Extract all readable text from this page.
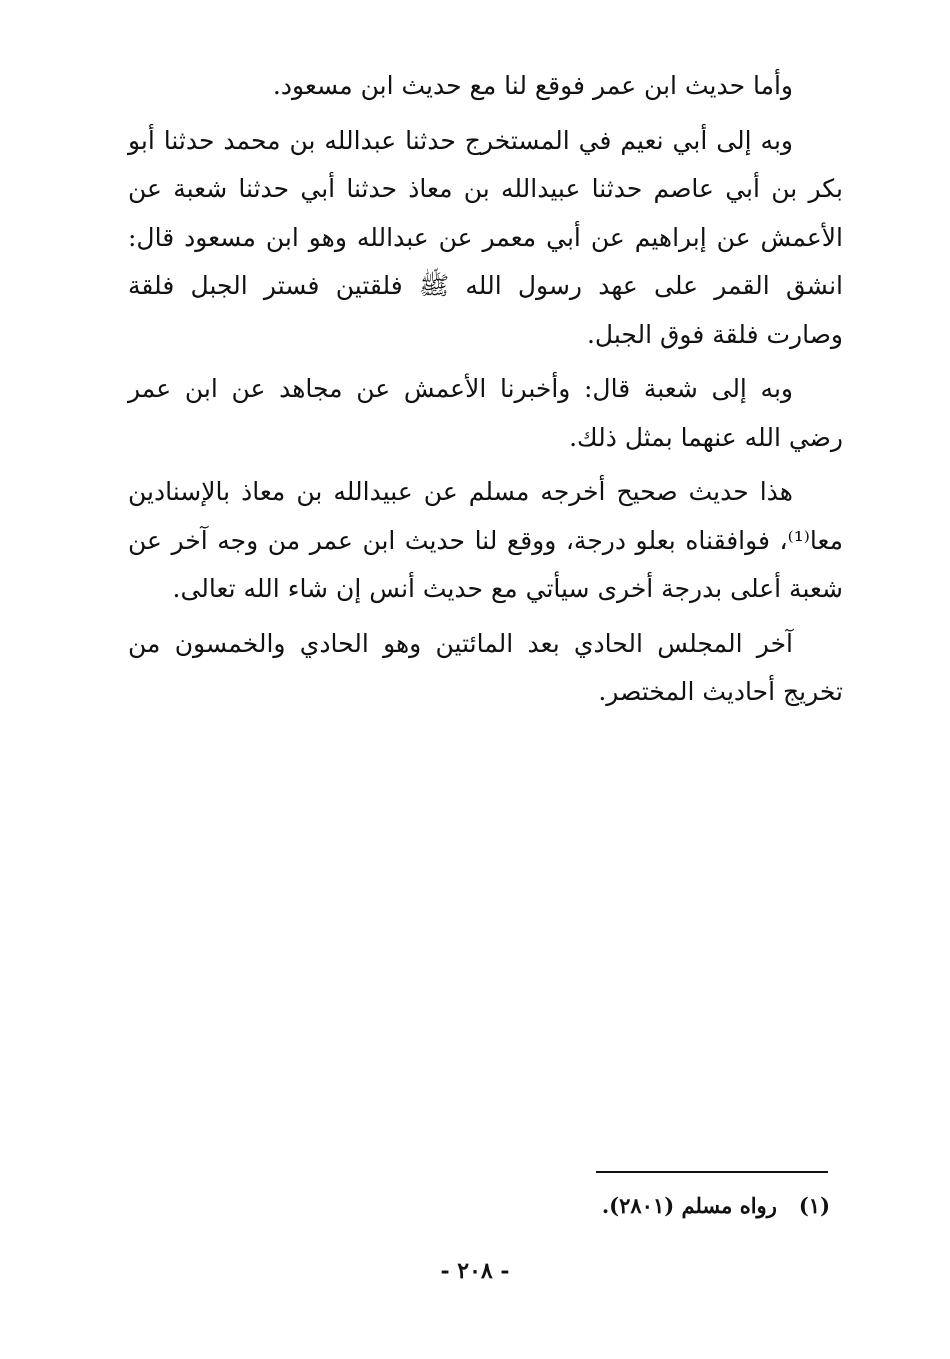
وأما حديث ابن عمر فوقع لنا مع حديث ابن مسعود.

وبه إلى أبي نعيم في المستخرج حدثنا عبدالله بن محمد حدثنا أبو بكر بن أبي عاصم حدثنا عبيدالله بن معاذ حدثنا أبي حدثنا شعبة عن الأعمش عن إبراهيم عن أبي معمر عن عبدالله وهو ابن مسعود قال: انشق القمر على عهد رسول الله ﷺ فلقتين فستر الجبل فلقة وصارت فلقة فوق الجبل.

وبه إلى شعبة قال: وأخبرنا الأعمش عن مجاهد عن ابن عمر رضي الله عنهما بمثل ذلك.

هذا حديث صحيح أخرجه مسلم عن عبيدالله بن معاذ بالإسنادين معا⁽¹⁾، فوافقناه بعلو درجة، ووقع لنا حديث ابن عمر من وجه آخر عن شعبة أعلى بدرجة أخرى سيأتي مع حديث أنس إن شاء الله تعالى.

آخر المجلس الحادي بعد المائتين وهو الحادي والخمسون من تخريج أحاديث المختصر.

(١)رواه مسلم (٢٨٠١).
- ٢٠٨ -
